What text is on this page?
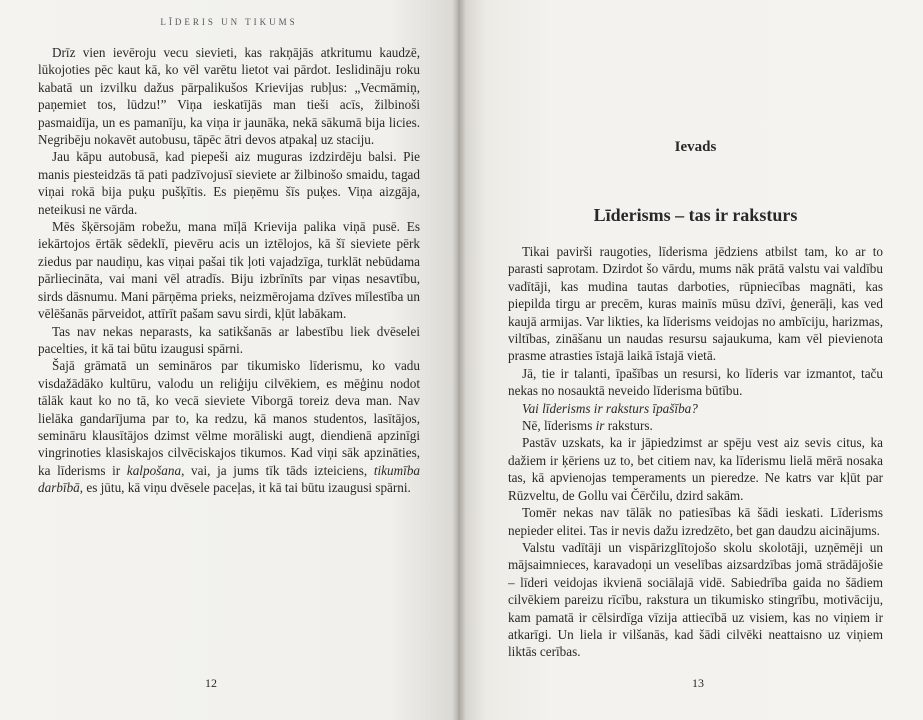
LĪDERIS UN TIKUMS

Drīz vien ievēroju vecu sievieti, kas rakņājās atkritumu kaudzē, lūkojoties pēc kaut kā, ko vēl varētu lietot vai pārdot. Ieslidināju roku kabatā un izvilku dažus pārpalikušos Krievijas rubļus: „Vecmāmiņ, paņemiet tos, lūdzu!” Viņa ieskatījās man tieši acīs, žilbinoši pasmaidīja, un es pamanīju, ka viņa ir jaunāka, nekā sākumā bija licies. Negribēju nokavēt autobusu, tāpēc ātri devos atpakaļ uz staciju.

Jau kāpu autobusā, kad piepeši aiz muguras izdzirdēju balsi. Pie manis piesteidzās tā pati padzīvojusī sieviete ar žilbinošo smaidu, tagad viņai rokā bija puķu pušķītis. Es pieņēmu šīs puķes. Viņa aizgāja, neteikusi ne vārda.

Mēs šķērsojām robežu, mana mīļā Krievija palika viņā pusē. Es iekārtojos ērtāk sēdeklī, pievēru acis un iztēlojos, kā šī sieviete pērk ziedus par naudiņu, kas viņai pašai tik ļoti vajadzīga, turklāt nebūdama pārliecināta, vai mani vēl atradīs. Biju izbrīnīts par viņas nesavtību, sirds dāsnumu. Mani pārņēma prieks, neizmērojama dzīves mīlestība un vēlēšanās pārveidot, attīrīt pašam savu sirdi, kļūt labākam.

Tas nav nekas neparasts, ka satikšanās ar labestību liek dvēselei pacelties, it kā tai būtu izaugusi spārni.

Šajā grāmatā un semināros par tikumisko līderismu, ko vadu visdažādāko kultūru, valodu un reliģiju cilvēkiem, es mēģinu nodot tālāk kaut ko no tā, ko vecā sieviete Viborgā toreiz deva man. Nav lielāka gandarījuma par to, ka redzu, kā manos studentos, lasītājos, semināru klausītājos dzimst vēlme morāliski augt, diendienā apzinīgi vingrinoties klasiskajos cilvēciskajos tikumos. Kad viņi sāk apzināties, ka līderisms ir kalpošana, vai, ja jums tīk tāds izteiciens, tikumība darbībā, es jūtu, kā viņu dvēsele paceļas, it kā tai būtu izaugusi spārni.

12
Ievads
Līderisms – tas ir raksturs

Tikai pavirši raugoties, līderisma jēdziens atbilst tam, ko ar to parasti saprotam. Dzirdot šo vārdu, mums nāk prātā valstu vai valdību vadītāji, kas mudina tautas darboties, rūpniecības magnāti, kas piepilda tirgu ar precēm, kuras mainīs mūsu dzīvi, ģenerāļi, kas ved kaujā armijas. Var likties, ka līderisms veidojas no ambīciju, harizmas, viltības, zināšanu un naudas resursu sajaukuma, kam vēl pievienota prasme atrasties īstajā laikā īstajā vietā.

Jā, tie ir talanti, īpašības un resursi, ko līderis var izmantot, taču nekas no nosauktā neveido līderisma būtību.

Vai līderisms ir raksturs īpašība?

Nē, līderisms ir raksturs.

Pastāv uzskats, ka ir jāpiedzimst ar spēju vest aiz sevis citus, ka dažiem ir ķēriens uz to, bet citiem nav, ka līderismu lielā mērā nosaka tas, kā apvienojas temperaments un pieredze. Ne katrs var kļūt par Rūzveltu, de Gollu vai Čērčilu, dzird sakām.

Tomēr nekas nav tālāk no patiesības kā šādi ieskati. Līderisms nepieder elitei. Tas ir nevis dažu izredzēto, bet gan daudzu aicinājums.

Valstu vadītāji un vispārizglītojošo skolu skolotāji, uzņēmēji un mājsaimnieces, karavadoņi un veselības aizsardzības jomā strādājošie – līderi veidojas ikvienā sociālajā vidē. Sabiedrība gaida no šādiem cilvēkiem pareizu rīcību, rakstura un tikumisko stingrību, motivāciju, kam pamatā ir cēlsirdīga vīzija attiecībā uz visiem, kas no viņiem ir atkarīgi. Un liela ir vilšanās, kad šādi cilvēki neattaisno uz viņiem liktās cerības.

13
